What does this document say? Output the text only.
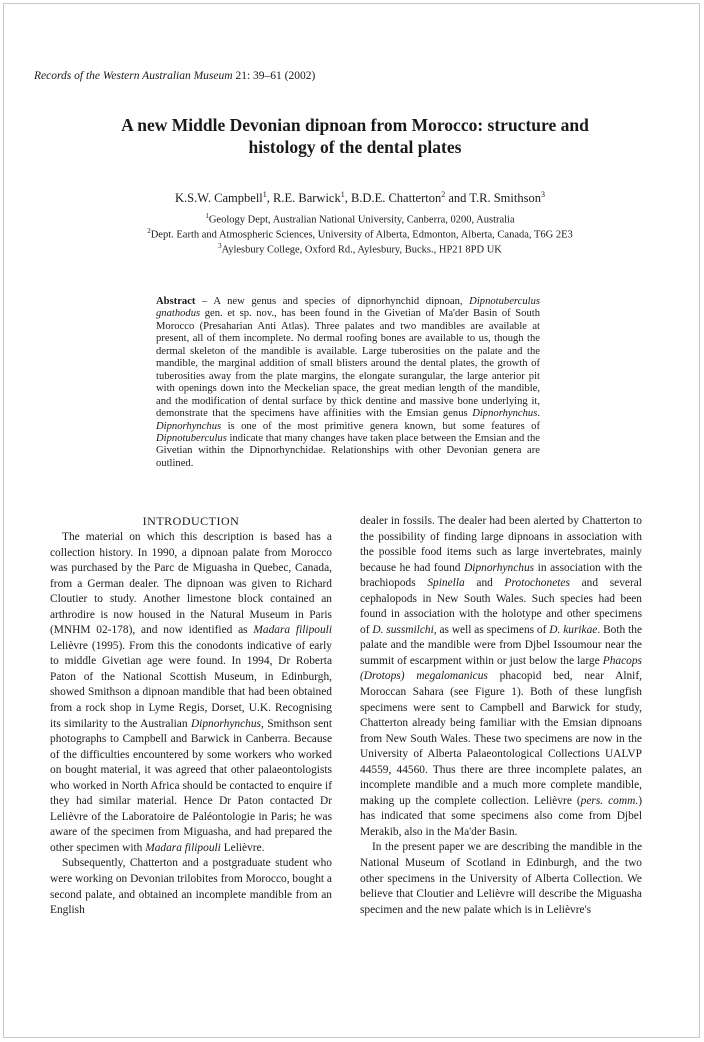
Records of the Western Australian Museum 21: 39–61 (2002)
A new Middle Devonian dipnoan from Morocco: structure and histology of the dental plates
K.S.W. Campbell$^1$, R.E. Barwick$^1$, B.D.E. Chatterton$^2$ and T.R. Smithson$^3$
$^1$Geology Dept, Australian National University, Canberra, 0200, Australia
$^2$Dept. Earth and Atmospheric Sciences, University of Alberta, Edmonton, Alberta, Canada, T6G 2E3
$^3$Aylesbury College, Oxford Rd., Aylesbury, Bucks., HP21 8PD UK
Abstract – A new genus and species of dipnorhynchid dipnoan, Dipnotuberculus gnathodus gen. et sp. nov., has been found in the Givetian of Ma'der Basin of South Morocco (Presaharian Anti Atlas). Three palates and two mandibles are available at present, all of them incomplete. No dermal roofing bones are available to us, though the dermal skeleton of the mandible is available. Large tuberosities on the palate and the mandible, the marginal addition of small blisters around the dental plates, the growth of tuberosities away from the plate margins, the elongate surangular, the large anterior pit with openings down into the Meckelian space, the great median length of the mandible, and the modification of dental surface by thick dentine and massive bone underlying it, demonstrate that the specimens have affinities with the Emsian genus Dipnorhynchus. Dipnorhynchus is one of the most primitive genera known, but some features of Dipnotuberculus indicate that many changes have taken place between the Emsian and the Givetian within the Dipnorhynchidae. Relationships with other Devonian genera are outlined.
INTRODUCTION

The material on which this description is based has a collection history. In 1990, a dipnoan palate from Morocco was purchased by the Parc de Miguasha in Quebec, Canada, from a German dealer. The dipnoan was given to Richard Cloutier to study. Another limestone block contained an arthrodire is now housed in the Natural Museum in Paris (MNHM 02-178), and now identified as Madara filipouli Lelièvre (1995). From this the conodonts indicative of early to middle Givetian age were found. In 1994, Dr Roberta Paton of the National Scottish Museum, in Edinburgh, showed Smithson a dipnoan mandible that had been obtained from a rock shop in Lyme Regis, Dorset, U.K. Recognising its similarity to the Australian Dipnorhynchus, Smithson sent photographs to Campbell and Barwick in Canberra. Because of the difficulties encountered by some workers who worked on bought material, it was agreed that other palaeontologists who worked in North Africa should be contacted to enquire if they had similar material. Hence Dr Paton contacted Dr Lelièvre of the Laboratoire de Paléontologie in Paris; he was aware of the specimen from Miguasha, and had prepared the other specimen with Madara filipouli Lelièvre.

Subsequently, Chatterton and a postgraduate student who were working on Devonian trilobites from Morocco, bought a second palate, and obtained an incomplete mandible from an English

dealer in fossils. The dealer had been alerted by Chatterton to the possibility of finding large dipnoans in association with the possible food items such as large invertebrates, mainly because he had found Dipnorhynchus in association with the brachiopods Spinella and Protochonetes and several cephalopods in New South Wales. Such species had been found in association with the holotype and other specimens of D. sussmilchi, as well as specimens of D. kurikae. Both the palate and the mandible were from Djbel Issoumour near the summit of escarpment within or just below the large Phacops (Drotops) megalomanicus phacopid bed, near Alnif, Moroccan Sahara (see Figure 1). Both of these lungfish specimens were sent to Campbell and Barwick for study, Chatterton already being familiar with the Emsian dipnoans from New South Wales. These two specimens are now in the University of Alberta Palaeontological Collections UALVP 44559, 44560. Thus there are three incomplete palates, an incomplete mandible and a much more complete mandible, making up the complete collection. Lelièvre (pers. comm.) has indicated that some specimens also come from Djbel Merakib, also in the Ma'der Basin.

In the present paper we are describing the mandible in the National Museum of Scotland in Edinburgh, and the two other specimens in the University of Alberta Collection. We believe that Cloutier and Lelièvre will describe the Miguasha specimen and the new palate which is in Lelièvre's
